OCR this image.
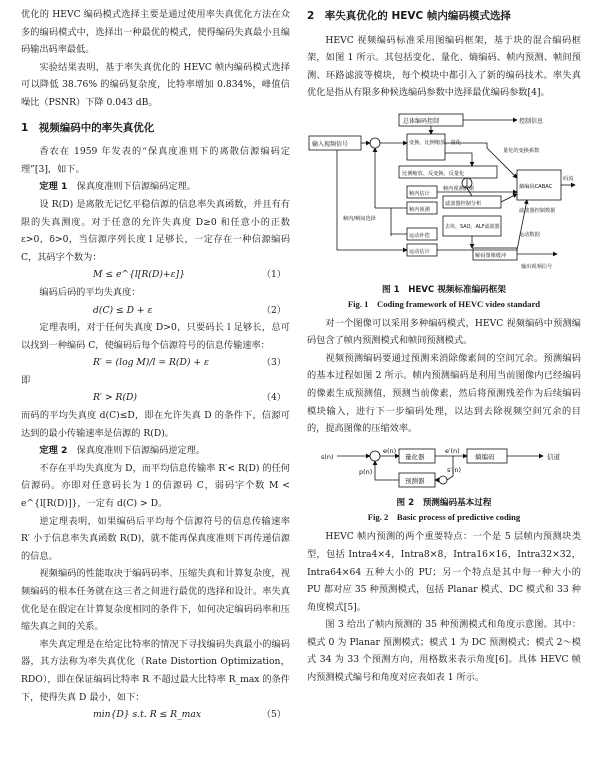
优化的 HEVC 编码模式选择主要是通过使用率失真优化方法在众多的编码模式中，选择出一种最优的模式，使得编码失真最小且编码输出码率最低。

实验结果表明，基于率失真优化的 HEVC 帧内编码模式选择可以降低 38.76% 的编码复杂度，比特率增加 0.834%，峰值信噪比（PSNR）下降 0.043 dB。

1　视频编码中的率失真优化

香农在 1959 年发表的“保真度准则下的离散信源编码定理”[3]，如下。

定理 1　 保真度准则下信源编码定理。

设 R(D) 是离散无记忆平稳信源的信息率失真函数，并且有有限的失真测度。对于任意的允许失真度 D≥0 和任意小的正数 ε>0，δ>0，当信源序列长度 l 足够长，一定存在一种信源编码 C，其码字个数为：

M ≤ e^{l[R(D)+ε]}	（1）

编码后码的平均失真度：

d(C) ≤ D + ε	（2）

定理表明，对于任何失真度 D>0，只要码长 l 足够长，总可以找到一种编码 C，使编码后每个信源符号的信息传输速率：

R′ = (log M)/l = R(D) + ε	（3）

即

R′ > R(D)	（4）

而码的平均失真度 d(C)≤D，即在允许失真 D 的条件下，信源可达到的最小传输速率是信源的 R(D)。

定理 2　 保真度准则下信源编码逆定理。

不存在平均失真度为 D，而平均信息传输率 R′< R(D) 的任何信源码。亦即对任意码长为 l 的信源码 C，弱码字个数 M < e^{l[R(D)]}，一定有 d(C) > D。

逆定理表明，如果编码后平均每个信源符号的信息传输速率 R′ 小于信息率失真函数 R(D)，就不能再保真度准则下再传递信源的信息。

视频编码的性能取决于编码码率、压缩失真和计算复杂度，视频编码的根本任务就在这三者之间进行最优的选择和设计。率失真优化是在假定在计算复杂度相同的条件下，如何决定编码码率和压缩失真之间的关系。

率失真定理是在给定比特率的情况下寻找编码失真最小的编码器，其方法称为率失真优化（Rate Distortion Optimization，RDO），即在保证编码比特率 R 不超过最大比特率 R_max 的条件下，使得失真 D 最小，如下：

min{D} s.t. R ≤ R_max	（5）
2　率失真优化的 HEVC 帧内编码模式选择

HEVC 视频编码标准采用图编码框架，基于块的混合编码框架，如图 1 所示。其包括变化、量化、熵编码、帧内预测、帧间预测、环路滤波等模块，每个模块中都引入了新的编码技术。率失真优化是指从有限多种候选编码参数中选择最优编码参数[4]。

输入视频信号
总体编码控制	控制信息
变换、比例缩放、量化
量化的变换系数
比例缩放、反变换、反量化
帧内估计
帧内预测数据
帧内预测
滤波器控制分析
滤波器控制数据
去块、SAO、ALF滤波器
运动补偿
运动估计
运动数据
解码图像缓冲
输出视频信号
熵编码CABAC
码流
帧内/帧间选择
图 1　HEVC 视频标准编码框架
Fig. 1　Coding framework of HEVC video standard

对一个图像可以采用多种编码模式，HEVC 视频编码中预测编码包含了帧内预测模式和帧间预测模式。

视频预测编码要通过预测来消除像素间的空间冗余。预测编码的基本过程如图 2 所示。帧内预测编码是利用当前图像内已经编码的像素生成预测值，预测当前像素，然后将预测残差作为后续编码模块输入，进行下一步编码处理，以达到去除视频空间冗余的目的，提高图像的压缩效率。

s(n)
e(n)
量化器
e′(n)
熵编码	信道
预测器
p(n)	s′(n)
图 2　预测编码基本过程
Fig. 2　Basic process of predictive coding

HEVC 帧内预测的两个重要特点：一个是 5 层帧内预测块类型，包括 Intra4×4，Intra8×8，Intra16×16，Intra32×32，Intra64×64 五种大小的 PU；另一个特点是其中每一种大小的 PU 都对应 35 种预测模式，包括 Planar 模式、DC 模式和 33 种角度模式[5]。

图 3 给出了帧内预测的 35 种预测模式和角度示意图。其中：模式 0 为 Planar 预测模式；模式 1 为 DC 预测模式；模式 2～模式 34 为 33 个预测方向，用格数来表示角度[6]。具体 HEVC 帧内预测模式编号和角度对应表如表 1 所示。
